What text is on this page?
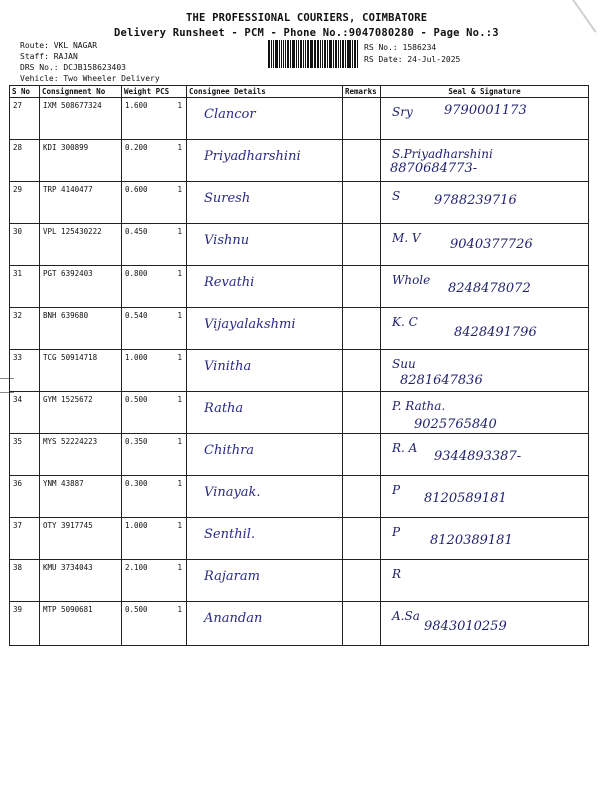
THE PROFESSIONAL COURIERS, COIMBATORE
Delivery Runsheet - PCM - Phone No.:9047080280 - Page No.:3
Route: VKL NAGAR
Staff: RAJAN
DRS No.: DCJB158623403
Vehicle: Two Wheeler Delivery
RS No.: 1586234
RS Date: 24-Jul-2025
S No	Consignment No	Weight PCS	Consignee Details	Remarks	Seal & Signature
27	IXM 508677324	1.600 1	Clancor		Sry 9790001173

28	KDI 300899	0.200 1	Priyadharshini		S.Priyadharshini
8870684773-

29	TRP 4140477	0.600 1	Suresh		S 9788239716

30	VPL 125430222	0.450 1	Vishnu		M. V 9040377726

31	PGT 6392403	0.800 1	Revathi		Whole
8248478072

32	BNH 639680	0.540 1	Vijayalakshmi		K. C
8428491796

33	TCG 50914718	1.000 1	Vinitha		Suu
8281647836

34	GYM 1525672	0.500 1	Ratha		P. Ratha.
9025765840

35	MYS 52224223	0.350 1	Chithra		R. A
9344893387-

36	YNM 43887	0.300 1	Vinayak.		P
8120589181

37	OTY 3917745	1.000 1	Senthil.		P
8120389181

38	KMU 3734043	2.100 1	Rajaram		R

39	MTP 5090681	0.500 1	Anandan		A.Sa
9843010259
